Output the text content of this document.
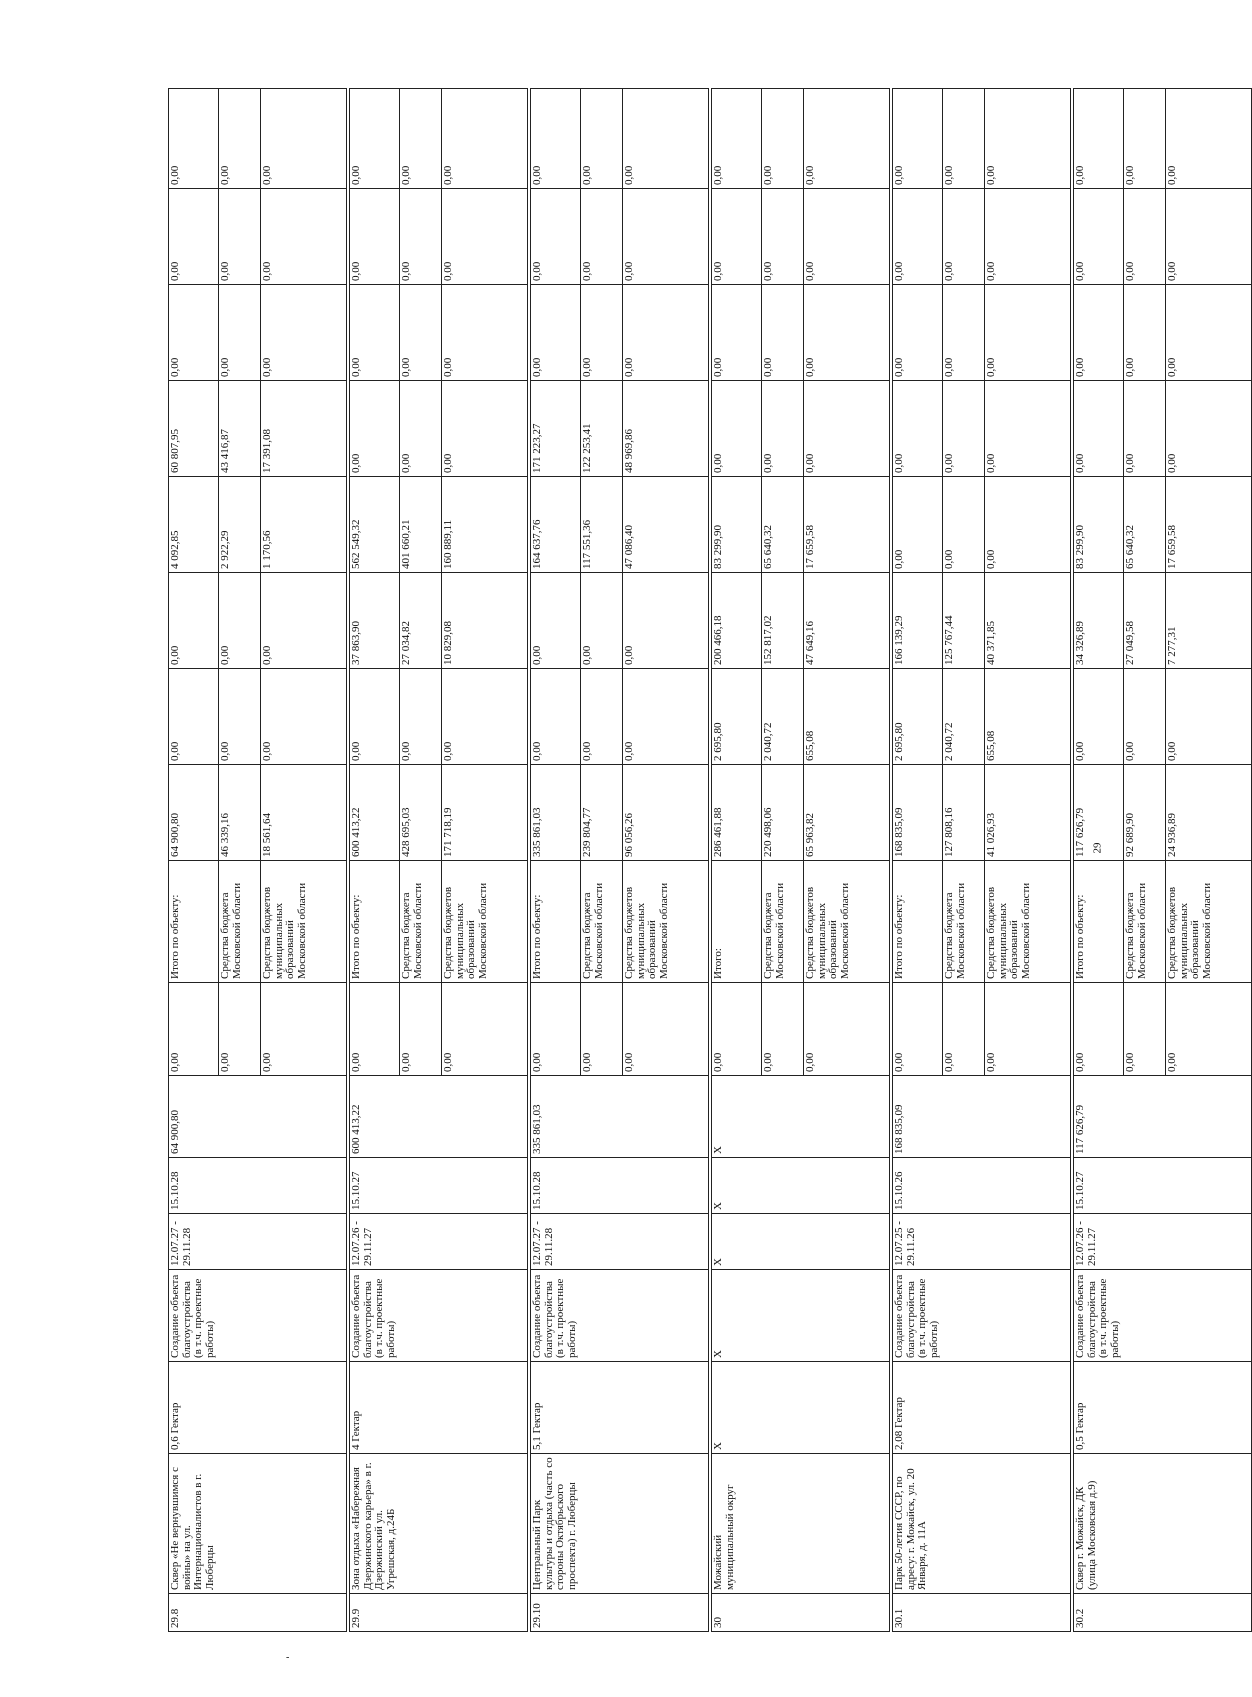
29.8	Сквер «Не вернувшимся с войны» на ул. Интернационалистов в г. Люберцы	0,6 Гектар	Создание объекта благоустройства (в т.ч. проектные работы)	12.07.27 - 29.11.28	15.10.28	64 900,80	0,00	Итого по объекту:	64 900,80	0,00	0,00	4 092,85	60 807,95	0,00	0,00	0,00
							0,00	Средства бюджета Московской области	46 339,16	0,00	0,00	2 922,29	43 416,87	0,00	0,00	0,00
							0,00	Средства бюджетов муниципальных образований Московской области	18 561,64	0,00	0,00	1 170,56	17 391,08	0,00	0,00	0,00

29.9	Зона отдыха «Набережная Дзержинского карьера» в г. Дзержинский ул. Угрешская, д.24Б	4 Гектар	Создание объекта благоустройства (в т.ч. проектные работы)	12.07.26 - 29.11.27	15.10.27	600 413,22	0,00	Итого по объекту:	600 413,22	0,00	37 863,90	562 549,32	0,00	0,00	0,00	0,00
							0,00	Средства бюджета Московской области	428 695,03	0,00	27 034,82	401 660,21	0,00	0,00	0,00	0,00
							0,00	Средства бюджетов муниципальных образований Московской области	171 718,19	0,00	10 829,08	160 889,11	0,00	0,00	0,00	0,00

29.10	Центральный Парк культуры и отдыха (часть со стороны Октябрьского проспекта) г. Люберцы	5,1 Гектар	Создание объекта благоустройства (в т.ч. проектные работы)	12.07.27 - 29.11.28	15.10.28	335 861,03	0,00	Итого по объекту:	335 861,03	0,00	0,00	164 637,76	171 223,27	0,00	0,00	0,00
							0,00	Средства бюджета Московской области	239 804,77	0,00	0,00	117 551,36	122 253,41	0,00	0,00	0,00
							0,00	Средства бюджетов муниципальных образований Московской области	96 056,26	0,00	0,00	47 086,40	48 969,86	0,00	0,00	0,00

30	Можайский муниципальный округ	X	X	X	X	X	0,00	Итого:	286 461,88	2 695,80	200 466,18	83 299,90	0,00	0,00	0,00	0,00
							0,00	Средства бюджета Московской области	220 498,06	2 040,72	152 817,02	65 640,32	0,00	0,00	0,00	0,00
							0,00	Средства бюджетов муниципальных образований Московской области	65 963,82	655,08	47 649,16	17 659,58	0,00	0,00	0,00	0,00

30.1	Парк 50-летия СССР, по адресу: г. Можайск, ул. 20 Января, д. 11А	2,08 Гектар	Создание объекта благоустройства (в т.ч. проектные работы)	12.07.25 - 29.11.26	15.10.26	168 835,09	0,00	Итого по объекту:	168 835,09	2 695,80	166 139,29	0,00	0,00	0,00	0,00	0,00
							0,00	Средства бюджета Московской области	127 808,16	2 040,72	125 767,44	0,00	0,00	0,00	0,00	0,00
							0,00	Средства бюджетов муниципальных образований Московской области	41 026,93	655,08	40 371,85	0,00	0,00	0,00	0,00	0,00

30.2	Сквер г. Можайск, ДК (улица Московская д.9)	0,5 Гектар	Создание объекта благоустройства (в т.ч. проектные работы)	12.07.26 - 29.11.27	15.10.27	117 626,79	0,00	Итого по объекту:	117 626,79	0,00	34 326,89	83 299,90	0,00	0,00	0,00	0,00
							0,00	Средства бюджета Московской области	92 689,90	0,00	27 049,58	65 640,32	0,00	0,00	0,00	0,00
							0,00	Средства бюджетов муниципальных образований Московской области	24 936,89	0,00	7 277,31	17 659,58	0,00	0,00	0,00	0,00
29
-
